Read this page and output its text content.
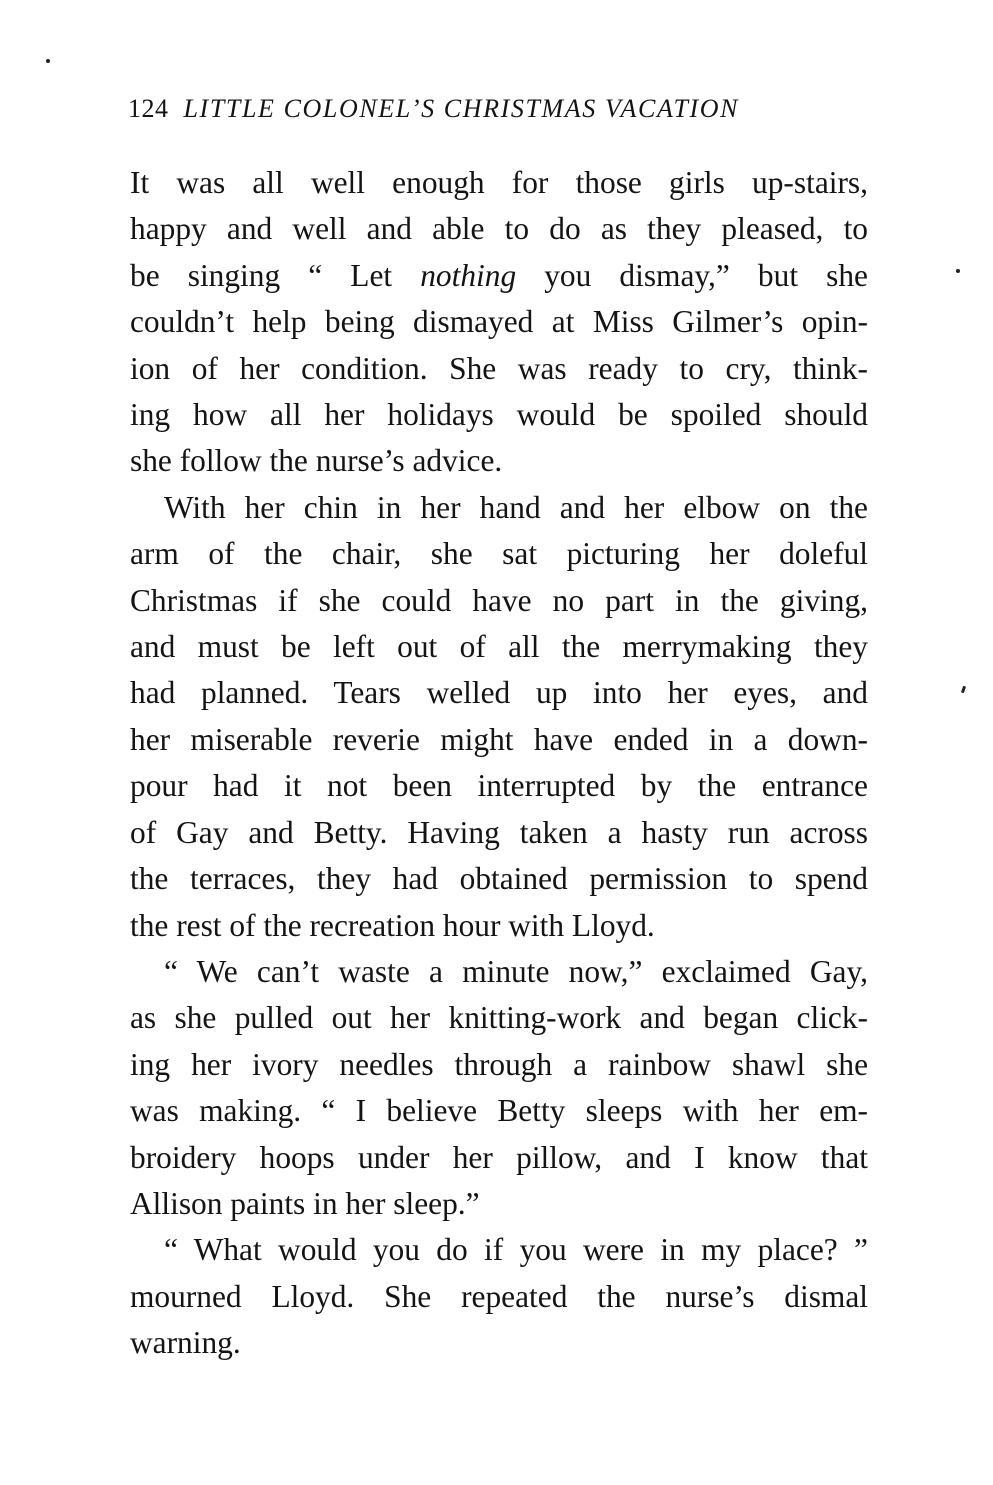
124 LITTLE COLONEL’S CHRISTMAS VACATION
It was all well enough for those girls up-stairs,
happy and well and able to do as they pleased, to
be singing “ Let nothing you dismay,” but she
couldn’t help being dismayed at Miss Gilmer’s opin-
ion of her condition. She was ready to cry, think-
ing how all her holidays would be spoiled should
she follow the nurse’s advice.
With her chin in her hand and her elbow on the
arm of the chair, she sat picturing her doleful
Christmas if she could have no part in the giving,
and must be left out of all the merrymaking they
had planned. Tears welled up into her eyes, and
her miserable reverie might have ended in a down-
pour had it not been interrupted by the entrance
of Gay and Betty. Having taken a hasty run across
the terraces, they had obtained permission to spend
the rest of the recreation hour with Lloyd.
“ We can’t waste a minute now,” exclaimed Gay,
as she pulled out her knitting-work and began click-
ing her ivory needles through a rainbow shawl she
was making. “ I believe Betty sleeps with her em-
broidery hoops under her pillow, and I know that
Allison paints in her sleep.”
“ What would you do if you were in my place? ”
mourned Lloyd. She repeated the nurse’s dismal
warning.
